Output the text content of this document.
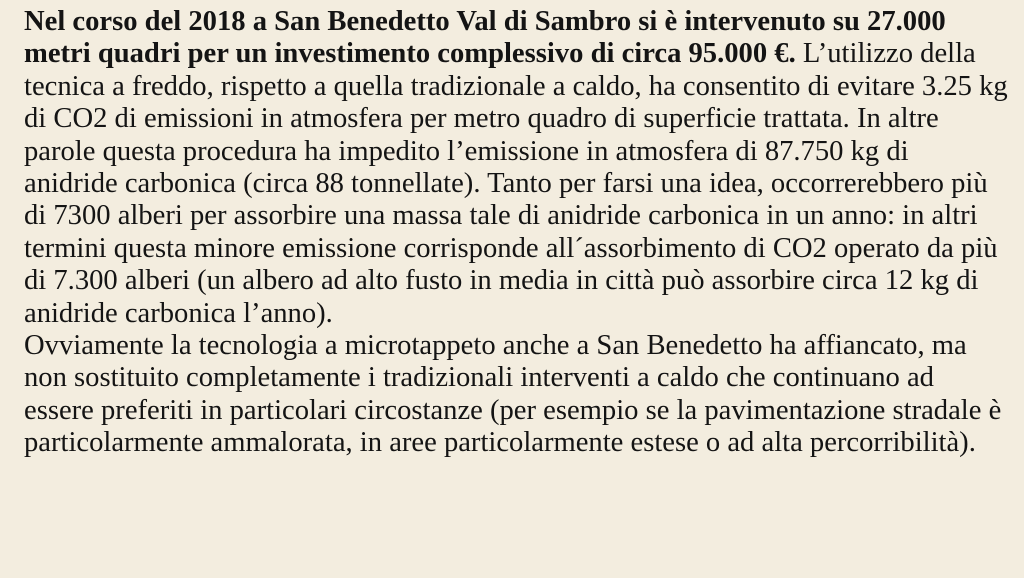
Nel corso del 2018 a San Benedetto Val di Sambro si è intervenuto su 27.000 metri quadri per un investimento complessivo di circa 95.000 €. L’utilizzo della tecnica a freddo, rispetto a quella tradizionale a caldo, ha consentito di evitare 3.25 kg di CO2 di emissioni in atmosfera per metro quadro di superficie trattata. In altre parole questa procedura ha impedito l’emissione in atmosfera di 87.750 kg di anidride carbonica (circa 88 tonnellate). Tanto per farsi una idea, occorrerebbero più di 7300 alberi per assorbire una massa tale di anidride carbonica in un anno: in altri termini questa minore emissione corrisponde all´assorbimento di CO2 operato da più di 7.300 alberi (un albero ad alto fusto in media in città può assorbire circa 12 kg di anidride carbonica l’anno).

Ovviamente la tecnologia a microtappeto anche a San Benedetto ha affiancato, ma non sostituito completamente i tradizionali interventi a caldo che continuano ad essere preferiti in particolari circostanze (per esempio se la pavimentazione stradale è particolarmente ammalorata, in aree particolarmente estese o ad alta percorribilità).
